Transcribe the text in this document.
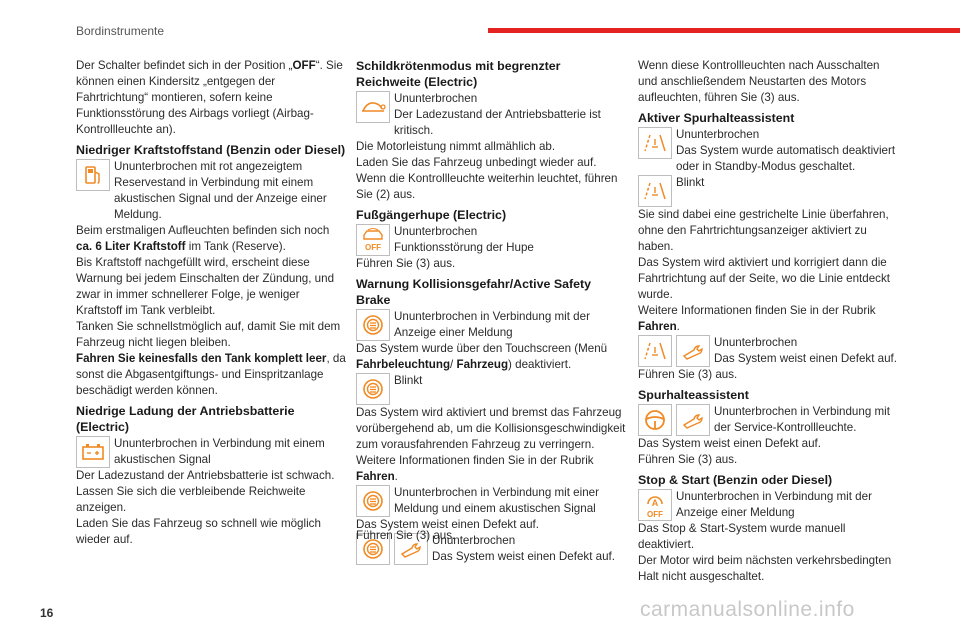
Bordinstrumente

Der Schalter befindet sich in der Position „OFF“. Sie können einen Kindersitz „entgegen der Fahrtrichtung“ montieren, sofern keine Funktionsstörung des Airbags vorliegt (Airbag-Kontrollleuchte an).

Niedriger Kraftstoffstand (Benzin oder Diesel)
Ununterbrochen mit rot angezeigtem Reservestand in Verbindung mit einem akustischen Signal und der Anzeige einer Meldung.

Beim erstmaligen Aufleuchten befinden sich noch ca. 6 Liter Kraftstoff im Tank (Reserve).

Bis Kraftstoff nachgefüllt wird, erscheint diese Warnung bei jedem Einschalten der Zündung, und zwar in immer schnellerer Folge, je weniger Kraftstoff im Tank verbleibt.

Tanken Sie schnellstmöglich auf, damit Sie mit dem Fahrzeug nicht liegen bleiben.

Fahren Sie keinesfalls den Tank komplett leer, da sonst die Abgasentgiftungs- und Einspritzanlage beschädigt werden können.

Niedrige Ladung der Antriebsbatterie (Electric)
Ununterbrochen in Verbindung mit einem akustischen Signal

Der Ladezustand der Antriebsbatterie ist schwach.

Lassen Sie sich die verbleibende Reichweite anzeigen.

Laden Sie das Fahrzeug so schnell wie möglich wieder auf.

Schildkrötenmodus mit begrenzter Reichweite (Electric)
Ununterbrochen
Der Ladezustand der Antriebsbatterie ist kritisch.

Die Motorleistung nimmt allmählich ab.

Laden Sie das Fahrzeug unbedingt wieder auf. Wenn die Kontrollleuchte weiterhin leuchtet, führen Sie (2) aus.

Fußgängerhupe (Electric)
OFF
Ununterbrochen
Funktionsstörung der Hupe

Führen Sie (3) aus.

Warnung Kollisionsgefahr/Active Safety Brake
Ununterbrochen in Verbindung mit der Anzeige einer Meldung

Das System wurde über den Touchscreen (Menü Fahrbeleuchtung/ Fahrzeug) deaktiviert.

Blinkt

Das System wird aktiviert und bremst das Fahrzeug vorübergehend ab, um die Kollisionsgeschwindigkeit zum vorausfahrenden Fahrzeug zu verringern.

Weitere Informationen finden Sie in der Rubrik Fahren.

Ununterbrochen in Verbindung mit einer Meldung und einem akustischen Signal

Das System weist einen Defekt auf.

Ununterbrochen
Das System weist einen Defekt auf.

Führen Sie (3) aus.

Wenn diese Kontrollleuchten nach Ausschalten und anschließendem Neustarten des Motors aufleuchten, führen Sie (3) aus.

Aktiver Spurhalteassistent
Ununterbrochen
Das System wurde automatisch deaktiviert oder in Standby-Modus geschaltet.
Blinkt

Sie sind dabei eine gestrichelte Linie überfahren, ohne den Fahrtrichtungsanzeiger aktiviert zu haben.

Das System wird aktiviert und korrigiert dann die Fahrtrichtung auf der Seite, wo die Linie entdeckt wurde.

Weitere Informationen finden Sie in der Rubrik Fahren.

Ununterbrochen
Das System weist einen Defekt auf.

Führen Sie (3) aus.

Spurhalteassistent
Ununterbrochen in Verbindung mit der Service-Kontrollleuchte.

Das System weist einen Defekt auf.

Führen Sie (3) aus.

Stop & Start (Benzin oder Diesel)
A
OFF
Ununterbrochen in Verbindung mit der Anzeige einer Meldung

Das Stop & Start-System wurde manuell deaktiviert.

Der Motor wird beim nächsten verkehrsbedingten Halt nicht ausgeschaltet.

16	carmanualsonline.info
